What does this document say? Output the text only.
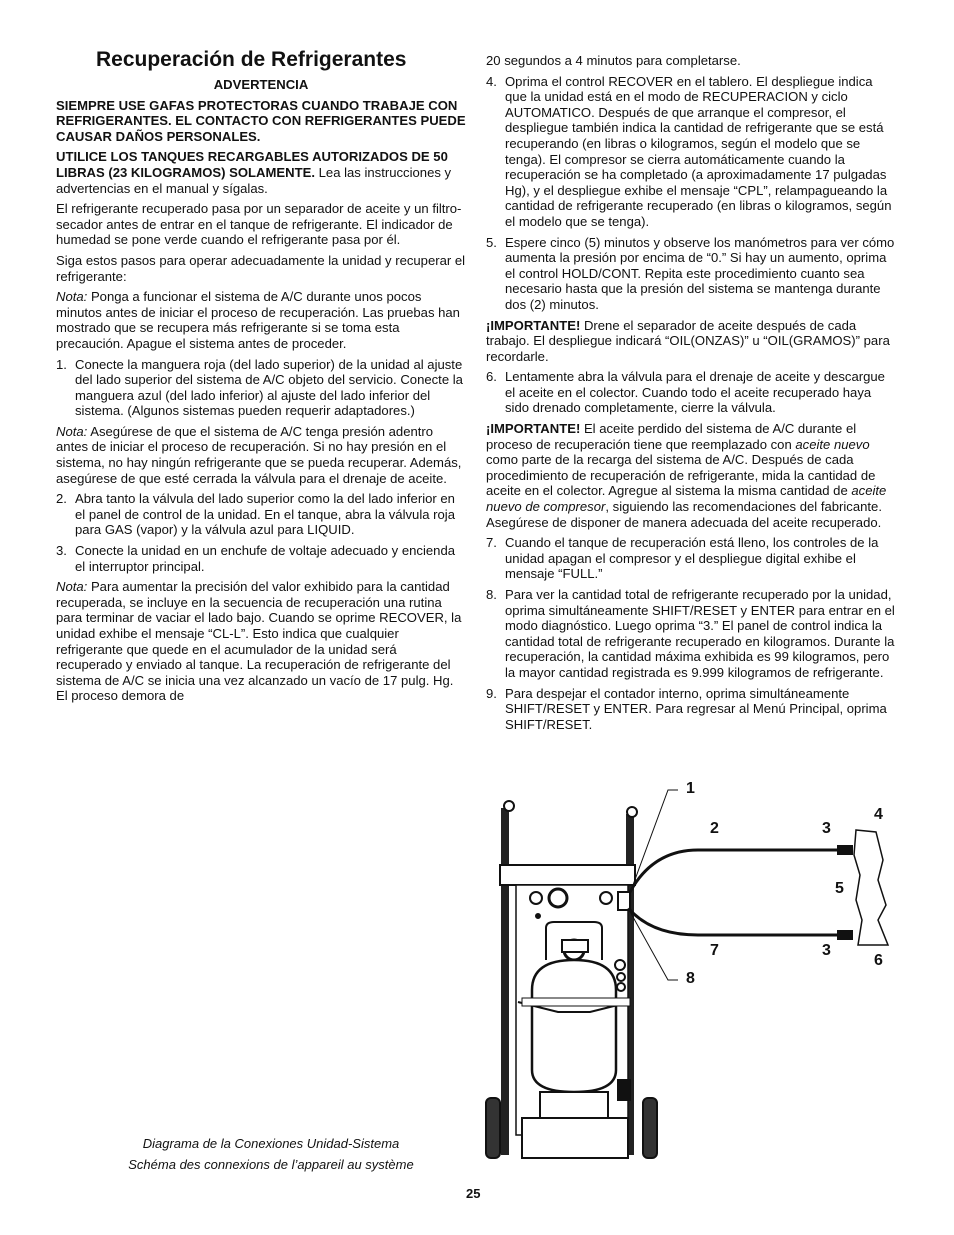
Recuperación de Refrigerantes

ADVERTENCIA

SIEMPRE USE GAFAS PROTECTORAS CUANDO TRABAJE CON REFRIGERANTES. EL CONTACTO CON REFRIGERANTES PUEDE CAUSAR DAÑOS PERSONALES.

UTILICE LOS TANQUES RECARGABLES AUTORIZADOS DE 50 LIBRAS (23 KILOGRAMOS) SOLAMENTE. Lea las instrucciones y advertencias en el manual y sígalas.

El refrigerante recuperado pasa por un separador de aceite y un filtro-secador antes de entrar en el tanque de refrigerante. El indicador de humedad se pone verde cuando el refrigerante pasa por él.

Siga estos pasos para operar adecuadamente la unidad y recuperar el refrigerante:

Nota: Ponga a funcionar el sistema de A/C durante unos pocos minutos antes de iniciar el proceso de recuperación. Las pruebas han mostrado que se recupera más refrigerante si se toma esta precaución. Apague el sistema antes de proceder.

1. Conecte la manguera roja (del lado superior) de la unidad al ajuste del lado superior del sistema de A/C objeto del servicio. Conecte la manguera azul (del lado inferior) al ajuste del lado inferior del sistema. (Algunos sistemas pueden requerir adaptadores.)

Nota: Asegúrese de que el sistema de A/C tenga presión adentro antes de iniciar el proceso de recuperación. Si no hay presión en el sistema, no hay ningún refrigerante que se pueda recuperar. Además, asegúrese de que esté cerrada la válvula para el drenaje de aceite.

2. Abra tanto la válvula del lado superior como la del lado inferior en el panel de control de la unidad. En el tanque, abra la válvula roja para GAS (vapor) y la válvula azul para LIQUID.
3. Conecte la unidad en un enchufe de voltaje adecuado y encienda el interruptor principal.

Nota: Para aumentar la precisión del valor exhibido para la cantidad recuperada, se incluye en la secuencia de recuperación una rutina para terminar de vaciar el lado bajo. Cuando se oprime RECOVER, la unidad exhibe el mensaje “CL-L”. Esto indica que cualquier refrigerante que quede en el acumulador de la unidad será recuperado y enviado al tanque. La recuperación de refrigerante del sistema de A/C se inicia una vez alcanzado un vacío de 17 pulg. Hg. El proceso demora de

20 segundos a 4 minutos para completarse.

4. Oprima el control RECOVER en el tablero. El despliegue indica que la unidad está en el modo de RECUPERACION y ciclo AUTOMATICO. Después de que arranque el compresor, el despliegue también indica la cantidad de refrigerante que se está recuperando (en libras o kilogramos, según el modelo que se tenga). El compresor se cierra automáticamente cuando la recuperación se ha completado (a aproximadamente 17 pulgadas Hg), y el despliegue exhibe el mensaje “CPL”, relampagueando la cantidad de refrigerante recuperado (en libras o kilogramos, según el modelo que se tenga).
5. Espere cinco (5) minutos y observe los manómetros para ver cómo aumenta la presión por encima de “0.” Si hay un aumento, oprima el control HOLD/CONT. Repita este procedimiento cuanto sea necesario hasta que la presión del sistema se mantenga durante dos (2) minutos.

¡IMPORTANTE! Drene el separador de aceite después de cada trabajo. El despliegue indicará “OIL(ONZAS)” u “OIL(GRAMOS)” para recordarle.

6. Lentamente abra la válvula para el drenaje de aceite y descargue el aceite en el colector. Cuando todo el aceite recuperado haya sido drenado completamente, cierre la válvula.

¡IMPORTANTE! El aceite perdido del sistema de A/C durante el proceso de recuperación tiene que reemplazado con aceite nuevo como parte de la recarga del sistema de A/C. Después de cada procedimiento de recuperación de refrigerante, mida la cantidad de aceite en el colector. Agregue al sistema la misma cantidad de aceite nuevo de compresor, siguiendo las recomendaciones del fabricante. Asegúrese de disponer de manera adecuada del aceite recuperado.

7. Cuando el tanque de recuperación está lleno, los controles de la unidad apagan el compresor y el despliegue digital exhibe el mensaje “FULL.”
8. Para ver la cantidad total de refrigerante recuperado por la unidad, oprima simultáneamente SHIFT/RESET y ENTER para entrar en el modo diagnóstico. Luego oprima “3.” El panel de control indica la cantidad total de refrigerante recuperado en kilogramos. Durante la recuperación, la cantidad máxima exhibida es 99 kilogramos, pero la mayor cantidad registrada es 9.999 kilogramos de refrigerante.
9. Para despejar el contador interno, oprima simultáneamente SHIFT/RESET y ENTER. Para regresar al Menú Principal, oprima SHIFT/RESET.
1
2	3
4
5
7	3
6
8
Diagrama de la Conexiones Unidad-Sistema
Schéma des connexions de l’appareil au système
25
